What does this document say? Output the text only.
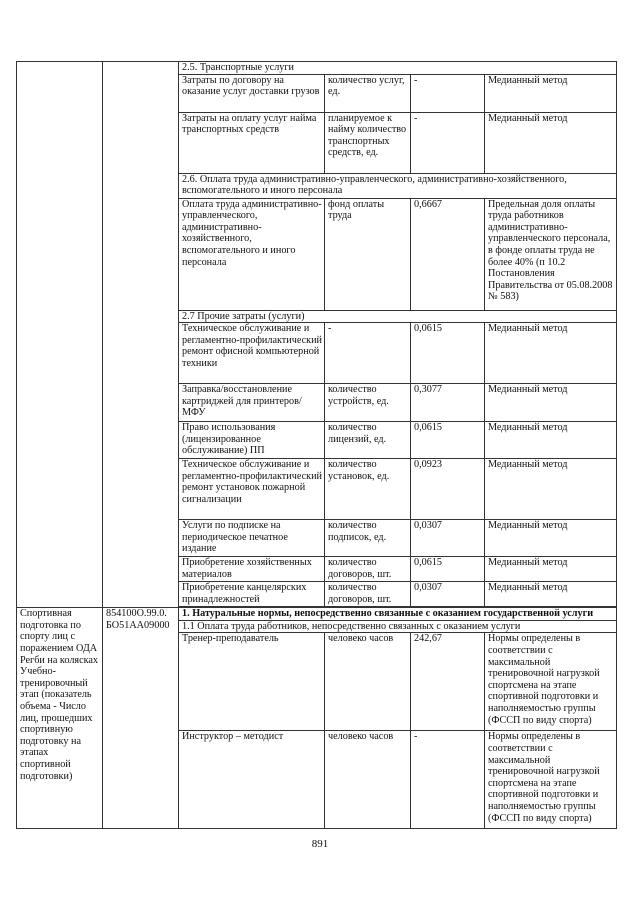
		2.5. Транспортные услуги			
		Затраты по договору на оказание услуг доставки грузов	количество услуг, ед.	-	Медианный метод
		Затраты на оплату услуг найма транспортных средств	планируемое к найму количество транспортных средств, ед.	-	Медианный метод
		2.6. Оплата труда административно-управленческого, административно-хозяйственного, вспомогательного и иного персонала			
		Оплата труда административно-управленческого, административно-хозяйственного, вспомогательного и иного персонала	фонд оплаты труда	0,6667	Предельная доля оплаты труда работников административно-управленческого персонала, в фонде оплаты труда не более 40% (п 10.2 Постановления Правительства от 05.08.2008 № 583)
		2.7 Прочие затраты (услуги)			
		Техническое обслуживание и регламентно-профилактический ремонт офисной компьютерной техники	-	0,0615	Медианный метод
		Заправка/восстановление картриджей для принтеров/МФУ	количество устройств, ед.	0,3077	Медианный метод
		Право использования (лицензированное обслуживание) ПП	количество лицензий, ед.	0,0615	Медианный метод
		Техническое обслуживание и регламентно-профилактический ремонт установок пожарной сигнализации	количество установок, ед.	0,0923	Медианный метод
		Услуги по подписке на периодическое печатное издание	количество подписок, ед.	0,0307	Медианный метод
		Приобретение хозяйственных материалов	количество договоров, шт.	0,0615	Медианный метод
		Приобретение канцелярских принадлежностей	количество договоров, шт.	0,0307	Медианный метод

Спортивная подготовка по спорту лиц с поражением ОДА Регби на колясках Учебно-тренировочный этап (показатель объема - Число лиц, прошедших спортивную подготовку на этапах спортивной подготовки)	854100О.99.0. БО51АА09000	1. Натуральные нормы, непосредственно связанные с оказанием государственной услуги			
		1.1 Оплата труда работников, непосредственно связанных с оказанием услуги			
		Тренер-преподаватель	человеко часов	242,67	Нормы определены в соответствии с максимальной тренировочной нагрузкой спортсмена на этапе спортивной подготовки и наполняемостью группы (ФССП по виду спорта)
		Инструктор – методист	человеко часов	-	Нормы определены в соответствии с максимальной тренировочной нагрузкой спортсмена на этапе спортивной подготовки и наполняемостью группы (ФССП по виду спорта)
891
